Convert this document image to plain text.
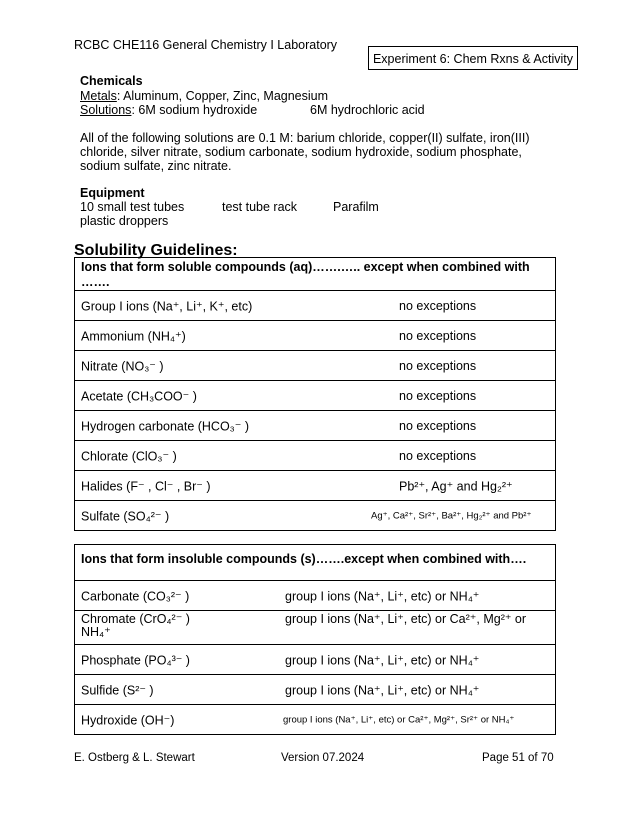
RCBC CHE116 General Chemistry I Laboratory
Experiment 6: Chem Rxns & Activity
Chemicals
Metals: Aluminum, Copper, Zinc, Magnesium
Solutions: 6M sodium hydroxide	6M hydrochloric acid
All of the following solutions are 0.1 M: barium chloride, copper(II) sulfate, iron(III)
chloride, silver nitrate, sodium carbonate, sodium hydroxide, sodium phosphate,
sodium sulfate, zinc nitrate.
Equipment
10 small test tubes	test tube rack	Parafilm
plastic droppers
Solubility Guidelines:
Ions that form soluble compounds (aq)…….….. except when combined with …….

Group I ions (Na⁺, Li⁺, K⁺, etc)	no exceptions

Ammonium (NH₄⁺)	no exceptions

Nitrate (NO₃⁻ )	no exceptions

Acetate (CH₃COO⁻ )	no exceptions

Hydrogen carbonate (HCO₃⁻ )	no exceptions

Chlorate (ClO₃⁻ )	no exceptions

Halides (F⁻ , Cl⁻ , Br⁻ )	Pb²⁺, Ag⁺ and Hg₂²⁺

Sulfate (SO₄²⁻ )	Ag⁺, Ca²⁺, Sr²⁺, Ba²⁺, Hg₂²⁺ and Pb²⁺
Ions that form insoluble compounds (s)…….except when combined with….

Carbonate (CO₃²⁻ )	group I ions (Na⁺, Li⁺, etc) or NH₄⁺

Chromate (CrO₄²⁻ )	group I ions (Na⁺, Li⁺, etc) or Ca²⁺, Mg²⁺ or
NH₄⁺

Phosphate (PO₄³⁻ )	group I ions (Na⁺, Li⁺, etc) or NH₄⁺

Sulfide (S²⁻ )	group I ions (Na⁺, Li⁺, etc) or NH₄⁺

Hydroxide (OH⁻)	group I ions (Na⁺, Li⁺, etc) or Ca²⁺, Mg²⁺, Sr²⁺ or NH₄⁺
E. Ostberg & L. Stewart	Version 07.2024	Page 51 of 70
